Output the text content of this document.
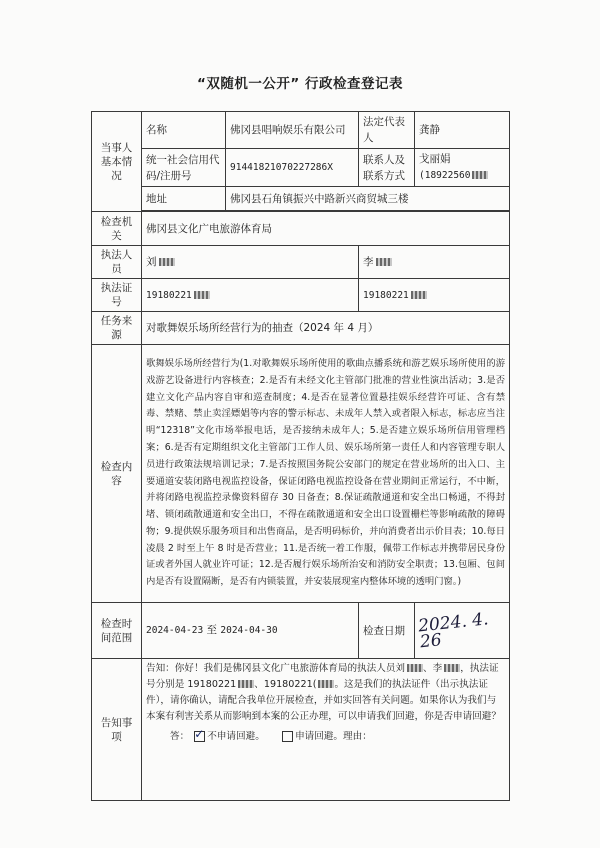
“双随机一公开” 行政检查登记表
当事人基本情况	名称	佛冈县唱响娱乐有限公司	法定代表人	龚静
	统一社会信用代码/注册号	91441821070227286X	联系人及联系方式	戈丽娟
(18922560

	地址	佛冈县石角镇振兴中路新兴商贸城三楼		

检查机关	佛冈县文化广电旅游体育局			
执法人员	刘		李	
执法证号	19180221		19180221	
任务来源	对歌舞娱乐场所经营行为的抽查（2024 年 4 月）			
检查内容	歌舞娱乐场所经营行为(1.对歌舞娱乐场所使用的歌曲点播系统和游艺娱乐场所使用的游戏游艺设备进行内容核查；2.是否有未经文化主管部门批准的营业性演出活动；3.是否建立文化产品内容自审和巡查制度；4.是否在显著位置悬挂娱乐经营许可证、含有禁毒、禁赌、禁止卖淫嫖娼等内容的警示标志、未成年人禁入或者限入标志，标志应当注明“12318”文化市场举报电话，是否接纳未成年人；5.是否建立娱乐场所信用管理档案；6.是否有定期组织文化主管部门工作人员、娱乐场所第一责任人和内容管理专职人员进行政策法规培训记录；7.是否按照国务院公安部门的规定在营业场所的出入口、主要通道安装闭路电视监控设备，保证闭路电视监控设备在营业期间正常运行，不中断，并将闭路电视监控录像资料留存 30 日备查；8.保证疏散通道和安全出口畅通，不得封堵、锁闭疏散通道和安全出口，不得在疏散通道和安全出口设置栅栏等影响疏散的障碍物；9.提供娱乐服务项目和出售商品，是否明码标价，并向消费者出示价目表；10.每日凌晨 2 时至上午 8 时是否营业；11.是否统一着工作服，佩带工作标志并携带居民身份证或者外国人就业许可证；12.是否履行娱乐场所治安和消防安全职责；13.包厢、包间内是否有设置隔断，是否有内锁装置，并安装展现室内整体环境的透明门窗。)			
检查时间范围	2024-04-23 至 2024-04-30		检查日期	2024. 4. 26
告知事项	告知：你好！我们是佛冈县文化广电旅游体育局的执法人员刘 、李 ，执法证号分别是 19180221 、19180221( 。这是我们的执法证件（出示执法证件），请你确认，请配合我单位开展检查，并如实回答有关问题。如果你认为我们与本案有利害关系从而影响到本案的公正办理，可以申请我们回避，你是否申请回避？
答： ✓ 不申请回避。 申请回避。理由：
